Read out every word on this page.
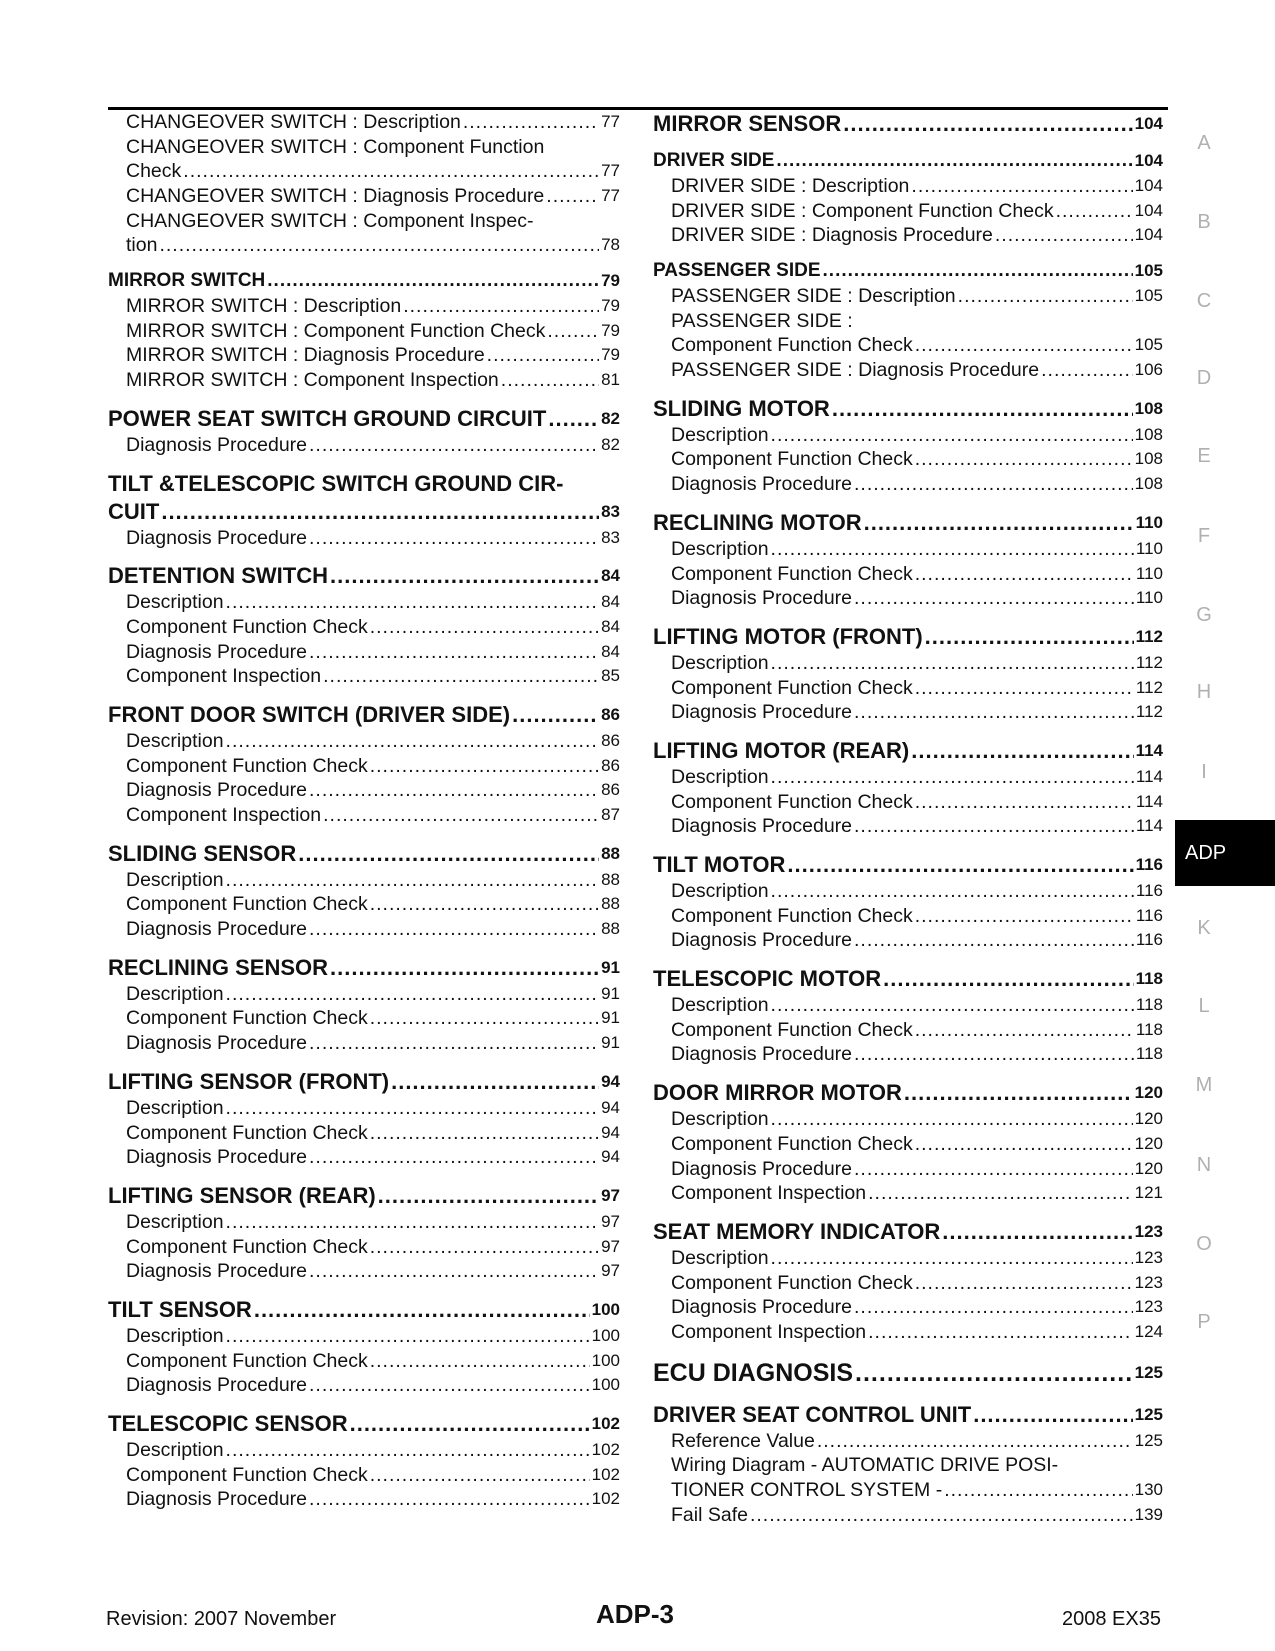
CHANGEOVER SWITCH : Description .....	77
CHANGEOVER SWITCH : Component Function
Check .....	77
CHANGEOVER SWITCH : Diagnosis Procedure .....	77
CHANGEOVER SWITCH : Component Inspec-
tion .....	78
MIRROR SWITCH .....	79
MIRROR SWITCH : Description .....	79
MIRROR SWITCH : Component Function Check .....	79
MIRROR SWITCH : Diagnosis Procedure .....	79
MIRROR SWITCH : Component Inspection .....	81
POWER SEAT SWITCH GROUND CIRCUIT .....	82
Diagnosis Procedure .....	82
TILT &TELESCOPIC SWITCH GROUND CIR-
CUIT .....	83
Diagnosis Procedure .....	83
DETENTION SWITCH .....	84
Description .....	84
Component Function Check .....	84
Diagnosis Procedure .....	84
Component Inspection .....	85
FRONT DOOR SWITCH (DRIVER SIDE) .....	86
Description .....	86
Component Function Check .....	86
Diagnosis Procedure .....	86
Component Inspection .....	87
SLIDING SENSOR .....	88
Description .....	88
Component Function Check .....	88
Diagnosis Procedure .....	88
RECLINING SENSOR .....	91
Description .....	91
Component Function Check .....	91
Diagnosis Procedure .....	91
LIFTING SENSOR (FRONT) .....	94
Description .....	94
Component Function Check .....	94
Diagnosis Procedure .....	94
LIFTING SENSOR (REAR) .....	97
Description .....	97
Component Function Check .....	97
Diagnosis Procedure .....	97
TILT SENSOR .....	100
Description .....	100
Component Function Check .....	100
Diagnosis Procedure .....	100
TELESCOPIC SENSOR .....	102
Description .....	102
Component Function Check .....	102
Diagnosis Procedure .....	102
MIRROR SENSOR .....	104
DRIVER SIDE .....	104
DRIVER SIDE : Description .....	104
DRIVER SIDE : Component Function Check .....	104
DRIVER SIDE : Diagnosis Procedure .....	104
PASSENGER SIDE .....	105
PASSENGER SIDE : Description .....	105
PASSENGER SIDE :
Component Function Check .....	105
PASSENGER SIDE : Diagnosis Procedure .....	106
SLIDING MOTOR .....	108
Description .....	108
Component Function Check .....	108
Diagnosis Procedure .....	108
RECLINING MOTOR .....	110
Description .....	110
Component Function Check .....	110
Diagnosis Procedure .....	110
LIFTING MOTOR (FRONT) .....	112
Description .....	112
Component Function Check .....	112
Diagnosis Procedure .....	112
LIFTING MOTOR (REAR) .....	114
Description .....	114
Component Function Check .....	114
Diagnosis Procedure .....	114
TILT MOTOR .....	116
Description .....	116
Component Function Check .....	116
Diagnosis Procedure .....	116
TELESCOPIC MOTOR .....	118
Description .....	118
Component Function Check .....	118
Diagnosis Procedure .....	118
DOOR MIRROR MOTOR .....	120
Description .....	120
Component Function Check .....	120
Diagnosis Procedure .....	120
Component Inspection .....	121
SEAT MEMORY INDICATOR .....	123
Description .....	123
Component Function Check .....	123
Diagnosis Procedure .....	123
Component Inspection .....	124
ECU DIAGNOSIS .....	125
DRIVER SEAT CONTROL UNIT .....	125
Reference Value .....	125
Wiring Diagram - AUTOMATIC DRIVE POSI-
TIONER CONTROL SYSTEM - .....	130
Fail Safe .....	139
A
B
C
D
E
F
G
H
I
ADP
K
L
M
N
O
P
Revision: 2007 November	ADP-3	2008 EX35
